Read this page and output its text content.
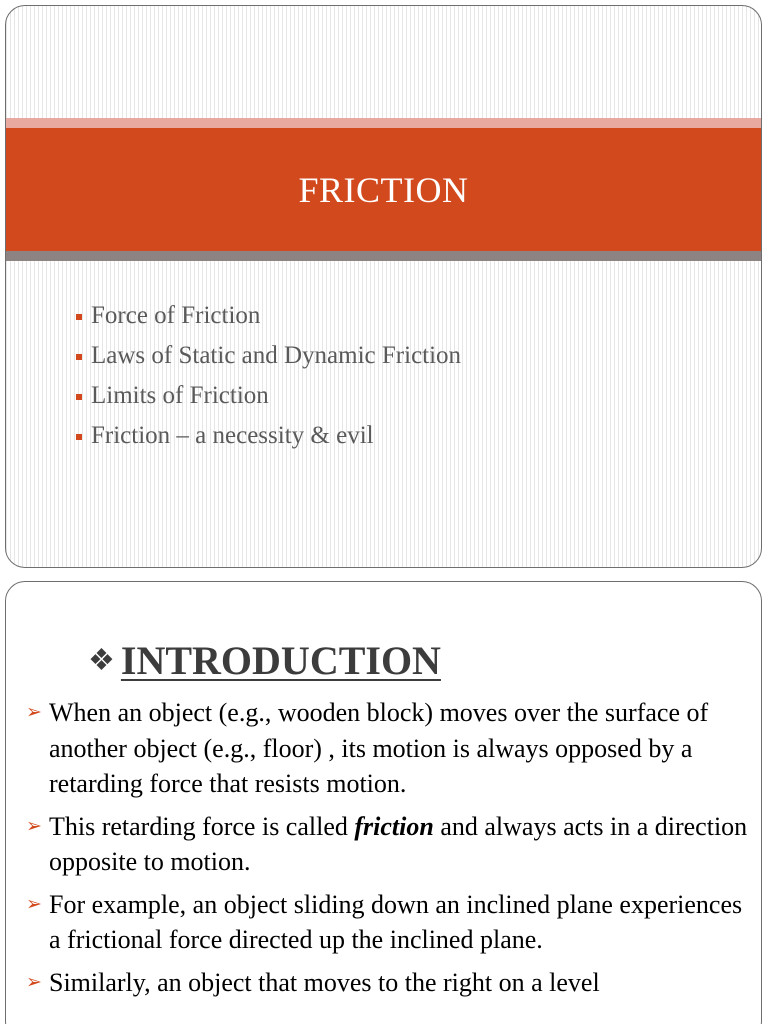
FRICTION
Force of Friction
Laws of Static and Dynamic Friction
Limits of Friction
Friction – a necessity & evil
❖ INTRODUCTION
➢ When an object (e.g., wooden block) moves over the surface of another object (e.g., floor) , its motion is always opposed by a retarding force that resists motion.
➢ This retarding force is called friction and always acts in a direction opposite to motion.
➢ For example, an object sliding down an inclined plane experiences a frictional force directed up the inclined plane.
➢ Similarly, an object that moves to the right on a level
